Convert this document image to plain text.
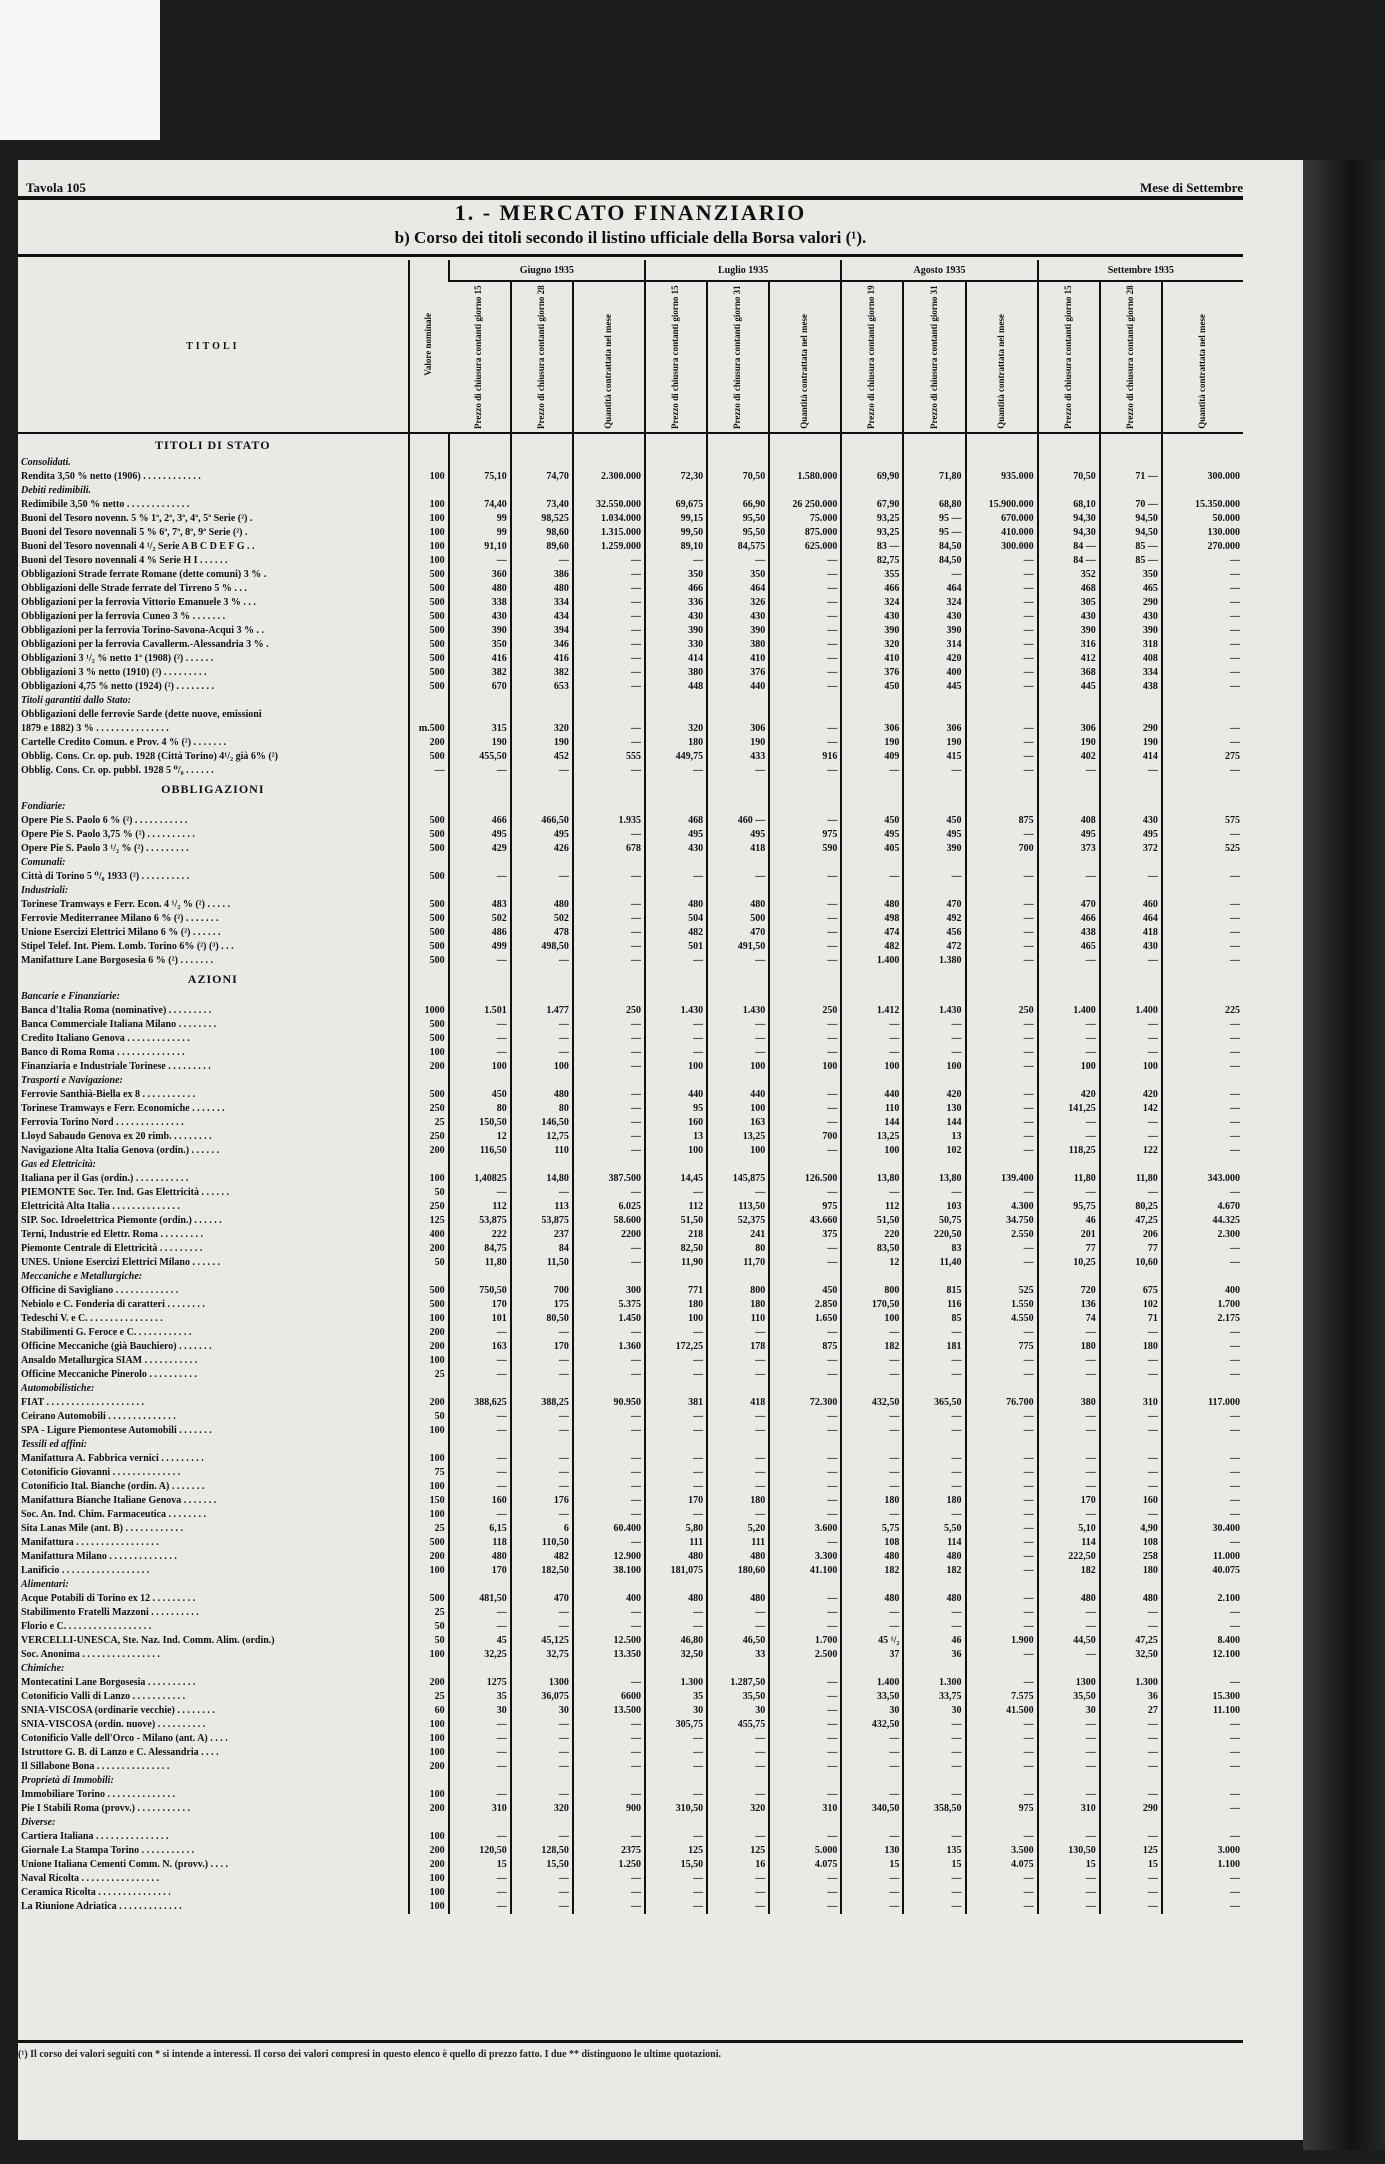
Tavola 105	Mese di Settembre
1. - MERCATO FINANZIARIO
b) Corso dei titoli secondo il listino ufficiale della Borsa valori (¹).
TITOLI	Valore nominale	Giugno 1935			Luglio 1935			Agosto 1935			Settembre 1935		
		Prezzo di chiusura contanti giorno 15	Prezzo di chiusura contanti giorno 28	Quantità contrattata nel mese	Prezzo di chiusura contanti giorno 15	Prezzo di chiusura contanti giorno 31	Quantità contrattata nel mese	Prezzo di chiusura contanti giorno 19	Prezzo di chiusura contanti giorno 31	Quantità contrattata nel mese	Prezzo di chiusura contanti giorno 15	Prezzo di chiusura contanti giorno 28	Quantità contrattata nel mese
TITOLI DI STATO													
Consolidati.													
Rendita 3,50 % netto (1906) . . . . . . . . . . . .	100	75,10	74,70	2.300.000	72,30	70,50	1.580.000	69,90	71,80	935.000	70,50	71 —	300.000
Debiti redimibili.													
Redimibile 3,50 % netto . . . . . . . . . . . . .	100	74,40	73,40	32.550.000	69,675	66,90	26 250.000	67,90	68,80	15.900.000	68,10	70 —	15.350.000
Buoni del Tesoro novenn. 5 % 1ª, 2ª, 3ª, 4ª, 5ª Serie (²) .	100	99	98,525	1.034.000	99,15	95,50	75.000	93,25	95 —	670.000	94,30	94,50	50.000
Buoni del Tesoro novennali 5 % 6ª, 7ª, 8ª, 9ª Serie (²) .	100	99	98,60	1.315.000	99,50	95,50	875.000	93,25	95 —	410.000	94,30	94,50	130.000
Buoni del Tesoro novennali 4 ¹/₂ Serie A B C D E F G . .	100	91,10	89,60	1.259.000	89,10	84,575	625.000	83 —	84,50	300.000	84 —	85 —	270.000
Buoni del Tesoro novennali 4 % Serie H I . . . . . .	100	—	—	—	—	—	—	82,75	84,50	—	84 —	85 —	—
Obbligazioni Strade ferrate Romane (dette comuni) 3 % .	500	360	386	—	350	350	—	355	—	—	352	350	—
Obbligazioni delle Strade ferrate del Tirreno 5 % . . .	500	480	480	—	466	464	—	466	464	—	468	465	—
Obbligazioni per la ferrovia Vittorio Emanuele 3 % . . .	500	338	334	—	336	326	—	324	324	—	305	290	—
Obbligazioni per la ferrovia Cuneo 3 % . . . . . . .	500	430	434	—	430	430	—	430	430	—	430	430	—
Obbligazioni per la ferrovia Torino-Savona-Acqui 3 % . .	500	390	394	—	390	390	—	390	390	—	390	390	—
Obbligazioni per la ferrovia Cavallerm.-Alessandria 3 % .	500	350	346	—	330	380	—	320	314	—	316	318	—
Obbligazioni 3 ¹/₂ % netto 1ª (1908) (²) . . . . . .	500	416	416	—	414	410	—	410	420	—	412	408	—
Obbligazioni 3 % netto (1910) (²) . . . . . . . . .	500	382	382	—	380	376	—	376	400	—	368	334	—
Obbligazioni 4,75 % netto (1924) (²) . . . . . . . .	500	670	653	—	448	440	—	450	445	—	445	438	—
Titoli garantiti dallo Stato:													
Obbligazioni delle ferrovie Sarde (dette nuove, emissioni													
1879 e 1882) 3 % . . . . . . . . . . . . . . .	m.500	315	320	—	320	306	—	306	306	—	306	290	—
Cartelle Credito Comun. e Prov. 4 % (²) . . . . . . .	200	190	190	—	180	190	—	190	190	—	190	190	—
Obblig. Cons. Cr. op. pub. 1928 (Città Torino) 4¹/₂ già 6% (²)	500	455,50	452	555	449,75	433	916	409	415	—	402	414	275
Obblig. Cons. Cr. op. pubbl. 1928 5 ⁰/₀ . . . . . .	—	—	—	—	—	—	—	—	—	—	—	—	—
OBBLIGAZIONI													
Fondiarie:													
Opere Pie S. Paolo 6 % (²) . . . . . . . . . . .	500	466	466,50	1.935	468	460 —	—	450	450	875	408	430	575
Opere Pie S. Paolo 3,75 % (²) . . . . . . . . . .	500	495	495	—	495	495	975	495	495	—	495	495	—
Opere Pie S. Paolo 3 ¹/₂ % (²) . . . . . . . . .	500	429	426	678	430	418	590	405	390	700	373	372	525
Comunali:													
Città di Torino 5 ⁰/₀ 1933 (²) . . . . . . . . . .	500	—	—	—	—	—	—	—	—	—	—	—	—
Industriali:													
Torinese Tramways e Ferr. Econ. 4 ¹/₂ % (²) . . . . .	500	483	480	—	480	480	—	480	470	—	470	460	—
Ferrovie Mediterranee Milano 6 % (²) . . . . . . .	500	502	502	—	504	500	—	498	492	—	466	464	—
Unione Esercizi Elettrici Milano 6 % (²) . . . . . .	500	486	478	—	482	470	—	474	456	—	438	418	—
Stipel Telef. Int. Piem. Lomb. Torino 6% (²) (³) . . .	500	499	498,50	—	501	491,50	—	482	472	—	465	430	—
Manifatture Lane Borgosesia 6 % (²) . . . . . . .	500	—	—	—	—	—	—	1.400	1.380	—	—	—	—
AZIONI													
Bancarie e Finanziarie:													
Banca d'Italia Roma (nominative) . . . . . . . . .	1000	1.501	1.477	250	1.430	1.430	250	1.412	1.430	250	1.400	1.400	225
Banca Commerciale Italiana Milano . . . . . . . .	500	—	—	—	—	—	—	—	—	—	—	—	—
Credito Italiano Genova . . . . . . . . . . . . .	500	—	—	—	—	—	—	—	—	—	—	—	—
Banco di Roma Roma . . . . . . . . . . . . . .	100	—	—	—	—	—	—	—	—	—	—	—	—
Finanziaria e Industriale Torinese . . . . . . . . .	200	100	100	—	100	100	100	100	100	—	100	100	—
Trasporti e Navigazione:													
Ferrovie Santhià-Biella ex 8 . . . . . . . . . . .	500	450	480	—	440	440	—	440	420	—	420	420	—
Torinese Tramways e Ferr. Economiche . . . . . . .	250	80	80	—	95	100	—	110	130	—	141,25	142	—
Ferrovia Torino Nord . . . . . . . . . . . . . .	25	150,50	146,50	—	160	163	—	144	144	—	—	—	—
Lloyd Sabaudo Genova ex 20 rimb. . . . . . . . .	250	12	12,75	—	13	13,25	700	13,25	13	—	—	—	—
Navigazione Alta Italia Genova (ordin.) . . . . . .	200	116,50	110	—	100	100	—	100	102	—	118,25	122	—
Gas ed Elettricità:													
Italiana per il Gas (ordin.) . . . . . . . . . . .	100	1,40825	14,80	387.500	14,45	145,875	126.500	13,80	13,80	139.400	11,80	11,80	343.000
PIEMONTE Soc. Ter. Ind. Gas Elettricità . . . . . .	50	—	—	—	—	—	—	—	—	—	—	—	—
Elettricità Alta Italia . . . . . . . . . . . . . .	250	112	113	6.025	112	113,50	975	112	103	4.300	95,75	80,25	4.670
SIP. Soc. Idroelettrica Piemonte (ordin.) . . . . . .	125	53,875	53,875	58.600	51,50	52,375	43.660	51,50	50,75	34.750	46	47,25	44.325
Terni, Industrie ed Elettr. Roma . . . . . . . . .	400	222	237	2200	218	241	375	220	220,50	2.550	201	206	2.300
Piemonte Centrale di Elettricità . . . . . . . . .	200	84,75	84	—	82,50	80	—	83,50	83	—	77	77	—
UNES. Unione Esercizi Elettrici Milano . . . . . .	50	11,80	11,50	—	11,90	11,70	—	12	11,40	—	10,25	10,60	—
Meccaniche e Metallurgiche:													
Officine di Savigliano . . . . . . . . . . . . .	500	750,50	700	300	771	800	450	800	815	525	720	675	400
Nebiolo e C. Fonderia di caratteri . . . . . . . .	500	170	175	5.375	180	180	2.850	170,50	116	1.550	136	102	1.700
Tedeschi V. e C. . . . . . . . . . . . . . . .	100	101	80,50	1.450	100	110	1.650	100	85	4.550	74	71	2.175
Stabilimenti G. Feroce e C. . . . . . . . . . . .	200	—	—	—	—	—	—	—	—	—	—	—	—
Officine Meccaniche (già Bauchiero) . . . . . . .	200	163	170	1.360	172,25	178	875	182	181	775	180	180	—
Ansaldo Metallurgica SIAM . . . . . . . . . . .	100	—	—	—	—	—	—	—	—	—	—	—	—
Officine Meccaniche Pinerolo . . . . . . . . . .	25	—	—	—	—	—	—	—	—	—	—	—	—
Automobilistiche:													
FIAT . . . . . . . . . . . . . . . . . . . .	200	388,625	388,25	90.950	381	418	72.300	432,50	365,50	76.700	380	310	117.000
Ceirano Automobili . . . . . . . . . . . . . .	50	—	—	—	—	—	—	—	—	—	—	—	—
SPA - Ligure Piemontese Automobili . . . . . . .	100	—	—	—	—	—	—	—	—	—	—	—	—
Tessili ed affini:													
Manifattura A. Fabbrica vernici . . . . . . . . .	100	—	—	—	—	—	—	—	—	—	—	—	—
Cotonificio Giovanni . . . . . . . . . . . . . .	75	—	—	—	—	—	—	—	—	—	—	—	—
Cotonificio Ital. Bianche (ordin. A) . . . . . . .	100	—	—	—	—	—	—	—	—	—	—	—	—
Manifattura Bianche Italiane Genova . . . . . . .	150	160	176	—	170	180	—	180	180	—	170	160	—
Soc. An. Ind. Chim. Farmaceutica . . . . . . . .	100	—	—	—	—	—	—	—	—	—	—	—	—
Sita Lanas Mile (ant. B) . . . . . . . . . . . .	25	6,15	6	60.400	5,80	5,20	3.600	5,75	5,50	—	5,10	4,90	30.400
Manifattura . . . . . . . . . . . . . . . . .	500	118	110,50	—	111	111	—	108	114	—	114	108	—
Manifattura Milano . . . . . . . . . . . . . .	200	480	482	12.900	480	480	3.300	480	480	—	222,50	258	11.000
Lanificio . . . . . . . . . . . . . . . . . .	100	170	182,50	38.100	181,075	180,60	41.100	182	182	—	182	180	40.075
Alimentari:													
Acque Potabili di Torino ex 12 . . . . . . . . .	500	481,50	470	400	480	480	—	480	480	—	480	480	2.100
Stabilimento Fratelli Mazzoni . . . . . . . . . .	25	—	—	—	—	—	—	—	—	—	—	—	—
Florio e C. . . . . . . . . . . . . . . . . .	50	—	—	—	—	—	—	—	—	—	—	—	—
VERCELLI-UNESCA, Ste. Naz. Ind. Comm. Alim. (ordin.)	50	45	45,125	12.500	46,80	46,50	1.700	45 ¹/₂	46	1.900	44,50	47,25	8.400
Soc. Anonima . . . . . . . . . . . . . . . .	100	32,25	32,75	13.350	32,50	33	2.500	37	36	—	—	32,50	12.100
Chimiche:													
Montecatini Lane Borgosesia . . . . . . . . . .	200	1275	1300	—	1.300	1.287,50	—	1.400	1.300	—	1300	1.300	—
Cotonificio Valli di Lanzo . . . . . . . . . . .	25	35	36,075	6600	35	35,50	—	33,50	33,75	7.575	35,50	36	15.300
SNIA-VISCOSA (ordinarie vecchie) . . . . . . . .	60	30	30	13.500	30	30	—	30	30	41.500	30	27	11.100
SNIA-VISCOSA (ordin. nuove) . . . . . . . . . .	100	—	—	—	305,75	455,75	—	432,50	—	—	—	—	—
Cotonificio Valle dell'Orco - Milano (ant. A) . . . .	100	—	—	—	—	—	—	—	—	—	—	—	—
Istruttore G. B. di Lanzo e C. Alessandria . . . .	100	—	—	—	—	—	—	—	—	—	—	—	—
Il Sillabone Bona . . . . . . . . . . . . . . .	200	—	—	—	—	—	—	—	—	—	—	—	—
Proprietà di Immobili:													
Immobiliare Torino . . . . . . . . . . . . . .	100	—	—	—	—	—	—	—	—	—	—	—	—
Pie I Stabili Roma (provv.) . . . . . . . . . . .	200	310	320	900	310,50	320	310	340,50	358,50	975	310	290	—
Diverse:													
Cartiera Italiana . . . . . . . . . . . . . . .	100	—	—	—	—	—	—	—	—	—	—	—	—
Giornale La Stampa Torino . . . . . . . . . . .	200	120,50	128,50	2375	125	125	5.000	130	135	3.500	130,50	125	3.000
Unione Italiana Cementi Comm. N. (provv.) . . . .	200	15	15,50	1.250	15,50	16	4.075	15	15	4.075	15	15	1.100
Naval Ricolta . . . . . . . . . . . . . . . .	100	—	—	—	—	—	—	—	—	—	—	—	—
Ceramica Ricolta . . . . . . . . . . . . . . .	100	—	—	—	—	—	—	—	—	—	—	—	—
La Riunione Adriatica . . . . . . . . . . . . .	100	—	—	—	—	—	—	—	—	—	—	—	—
(¹) Il corso dei valori seguiti con * si intende a interessi. Il corso dei valori compresi in questo elenco è quello di prezzo fatto. I due ** distinguono le ultime quotazioni.
